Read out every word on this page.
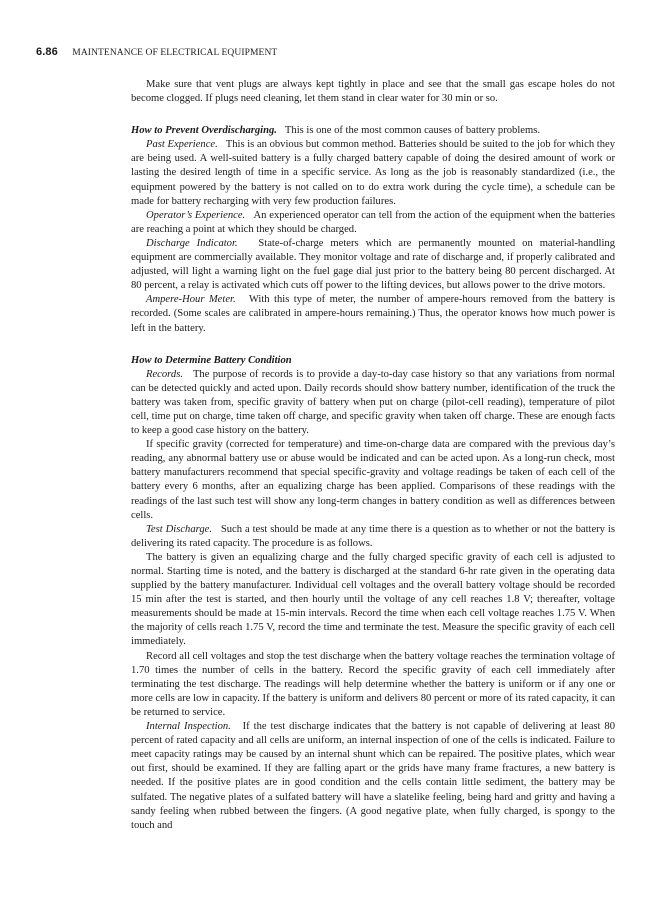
6.86 MAINTENANCE OF ELECTRICAL EQUIPMENT

Make sure that vent plugs are always kept tightly in place and see that the small gas escape holes do not become clogged. If plugs need cleaning, let them stand in clear water for 30 min or so.

How to Prevent Overdischarging. This is one of the most common causes of battery problems.

Past Experience. This is an obvious but common method. Batteries should be suited to the job for which they are being used. A well-suited battery is a fully charged battery capable of doing the desired amount of work or lasting the desired length of time in a specific service. As long as the job is reasonably standardized (i.e., the equipment powered by the battery is not called on to do extra work during the cycle time), a schedule can be made for battery recharging with very few production failures.

Operator’s Experience. An experienced operator can tell from the action of the equipment when the batteries are reaching a point at which they should be charged.

Discharge Indicator. State-of-charge meters which are permanently mounted on material-handling equipment are commercially available. They monitor voltage and rate of discharge and, if properly calibrated and adjusted, will light a warning light on the fuel gage dial just prior to the battery being 80 percent discharged. At 80 percent, a relay is activated which cuts off power to the lifting devices, but allows power to the drive motors.

Ampere-Hour Meter. With this type of meter, the number of ampere-hours removed from the battery is recorded. (Some scales are calibrated in ampere-hours remaining.) Thus, the operator knows how much power is left in the battery.

How to Determine Battery Condition

Records. The purpose of records is to provide a day-to-day case history so that any variations from normal can be detected quickly and acted upon. Daily records should show battery number, identification of the truck the battery was taken from, specific gravity of battery when put on charge (pilot-cell reading), temperature of pilot cell, time put on charge, time taken off charge, and specific gravity when taken off charge. These are enough facts to keep a good case history on the battery.

If specific gravity (corrected for temperature) and time-on-charge data are compared with the previous day’s reading, any abnormal battery use or abuse would be indicated and can be acted upon. As a long-run check, most battery manufacturers recommend that special specific-gravity and voltage readings be taken of each cell of the battery every 6 months, after an equalizing charge has been applied. Comparisons of these readings with the readings of the last such test will show any long-term changes in battery condition as well as differences between cells.

Test Discharge. Such a test should be made at any time there is a question as to whether or not the battery is delivering its rated capacity. The procedure is as follows.

The battery is given an equalizing charge and the fully charged specific gravity of each cell is adjusted to normal. Starting time is noted, and the battery is discharged at the standard 6-hr rate given in the operating data supplied by the battery manufacturer. Individual cell voltages and the overall battery voltage should be recorded 15 min after the test is started, and then hourly until the voltage of any cell reaches 1.8 V; thereafter, voltage measurements should be made at 15-min intervals. Record the time when each cell voltage reaches 1.75 V. When the majority of cells reach 1.75 V, record the time and terminate the test. Measure the specific gravity of each cell immediately.

Record all cell voltages and stop the test discharge when the battery voltage reaches the termination voltage of 1.70 times the number of cells in the battery. Record the specific gravity of each cell immediately after terminating the test discharge. The readings will help determine whether the battery is uniform or if any one or more cells are low in capacity. If the battery is uniform and delivers 80 percent or more of its rated capacity, it can be returned to service.

Internal Inspection. If the test discharge indicates that the battery is not capable of delivering at least 80 percent of rated capacity and all cells are uniform, an internal inspection of one of the cells is indicated. Failure to meet capacity ratings may be caused by an internal shunt which can be repaired. The positive plates, which wear out first, should be examined. If they are falling apart or the grids have many frame fractures, a new battery is needed. If the positive plates are in good condition and the cells contain little sediment, the battery may be sulfated. The negative plates of a sulfated battery will have a slatelike feeling, being hard and gritty and having a sandy feeling when rubbed between the fingers. (A good negative plate, when fully charged, is spongy to the touch and
